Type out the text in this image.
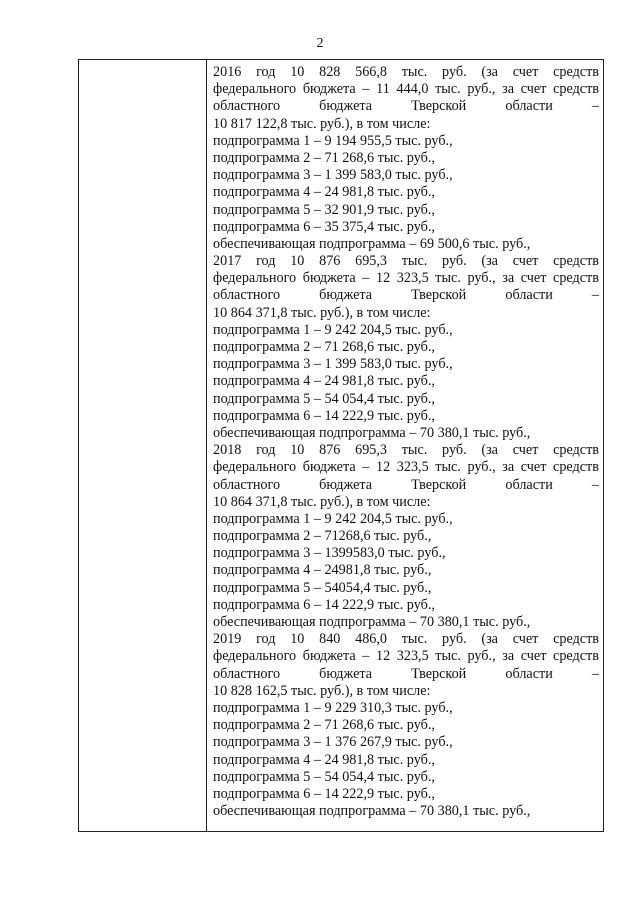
2
2016 год 10 828 566,8 тыс. руб. (за счет средств
федерального бюджета – 11 444,0 тыс. руб., за счет средств
областного	бюджета	Тверской	области	–
10 817 122,8 тыс. руб.), в том числе:
подпрограмма 1 – 9 194 955,5 тыс. руб.,
подпрограмма 2 – 71 268,6 тыс. руб.,
подпрограмма 3 – 1 399 583,0 тыс. руб.,
подпрограмма 4 – 24 981,8 тыс. руб.,
подпрограмма 5 – 32 901,9 тыс. руб.,
подпрограмма 6 – 35 375,4 тыс. руб.,
обеспечивающая подпрограмма – 69 500,6 тыс. руб.,
2017 год 10 876 695,3 тыс. руб. (за счет средств
федерального бюджета – 12 323,5 тыс. руб., за счет средств
областного	бюджета	Тверской	области	–
10 864 371,8 тыс. руб.), в том числе:
подпрограмма 1 – 9 242 204,5 тыс. руб.,
подпрограмма 2 – 71 268,6 тыс. руб.,
подпрограмма 3 – 1 399 583,0 тыс. руб.,
подпрограмма 4 – 24 981,8 тыс. руб.,
подпрограмма 5 – 54 054,4 тыс. руб.,
подпрограмма 6 – 14 222,9 тыс. руб.,
обеспечивающая подпрограмма – 70 380,1 тыс. руб.,
2018 год 10 876 695,3 тыс. руб. (за счет средств
федерального бюджета – 12 323,5 тыс. руб., за счет средств
областного	бюджета	Тверской	области	–
10 864 371,8 тыс. руб.), в том числе:
подпрограмма 1 – 9 242 204,5 тыс. руб.,
подпрограмма 2 – 71268,6 тыс. руб.,
подпрограмма 3 – 1399583,0 тыс. руб.,
подпрограмма 4 – 24981,8 тыс. руб.,
подпрограмма 5 – 54054,4 тыс. руб.,
подпрограмма 6 – 14 222,9 тыс. руб.,
обеспечивающая подпрограмма – 70 380,1 тыс. руб.,
2019 год 10 840 486,0 тыс. руб. (за счет средств
федерального бюджета – 12 323,5 тыс. руб., за счет средств
областного	бюджета	Тверской	области	–
10 828 162,5 тыс. руб.), в том числе:
подпрограмма 1 – 9 229 310,3 тыс. руб.,
подпрограмма 2 – 71 268,6 тыс. руб.,
подпрограмма 3 – 1 376 267,9 тыс. руб.,
подпрограмма 4 – 24 981,8 тыс. руб.,
подпрограмма 5 – 54 054,4 тыс. руб.,
подпрограмма 6 – 14 222,9 тыс. руб.,
обеспечивающая подпрограмма – 70 380,1 тыс. руб.,
